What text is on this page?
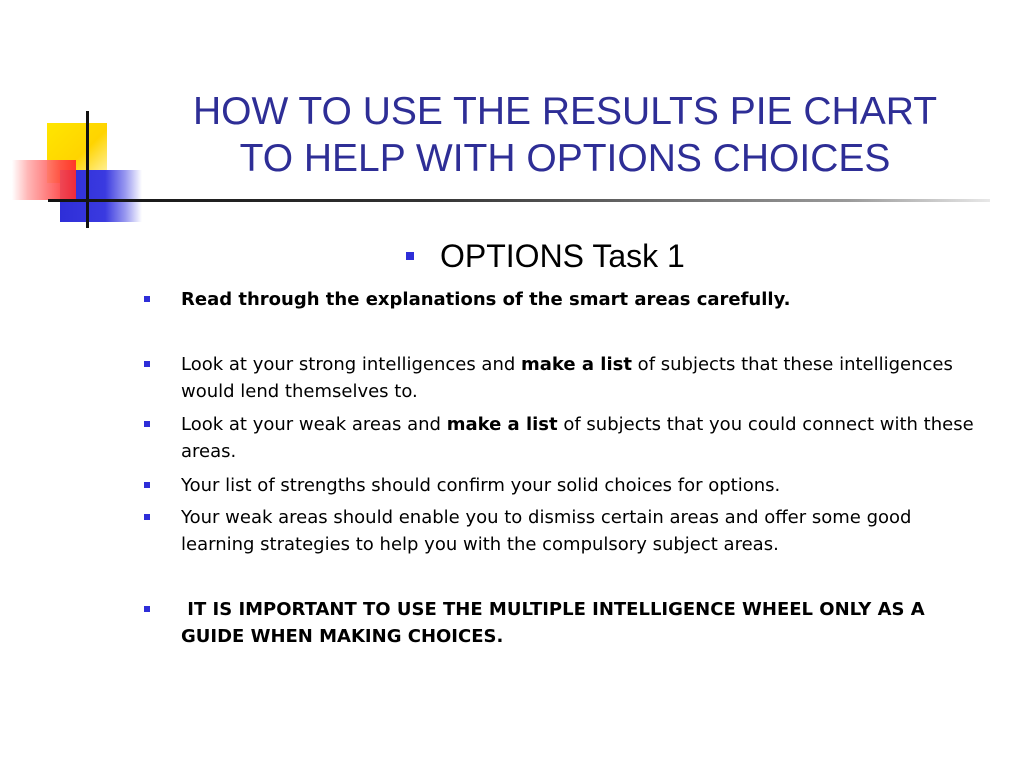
HOW TO USE THE RESULTS PIE CHART
TO HELP WITH OPTIONS CHOICES
OPTIONS Task 1
Read through the explanations of the smart areas carefully.
Look at your strong intelligences and make a list of subjects that these intelligences would lend themselves to.
Look at your weak areas and make a list of subjects that you could connect with these areas.
Your list of strengths should confirm your solid choices for options.
Your weak areas should enable you to dismiss certain areas and offer some good learning strategies to help you with the compulsory subject areas.
IT IS IMPORTANT TO USE THE MULTIPLE INTELLIGENCE WHEEL ONLY AS A GUIDE WHEN MAKING CHOICES.
